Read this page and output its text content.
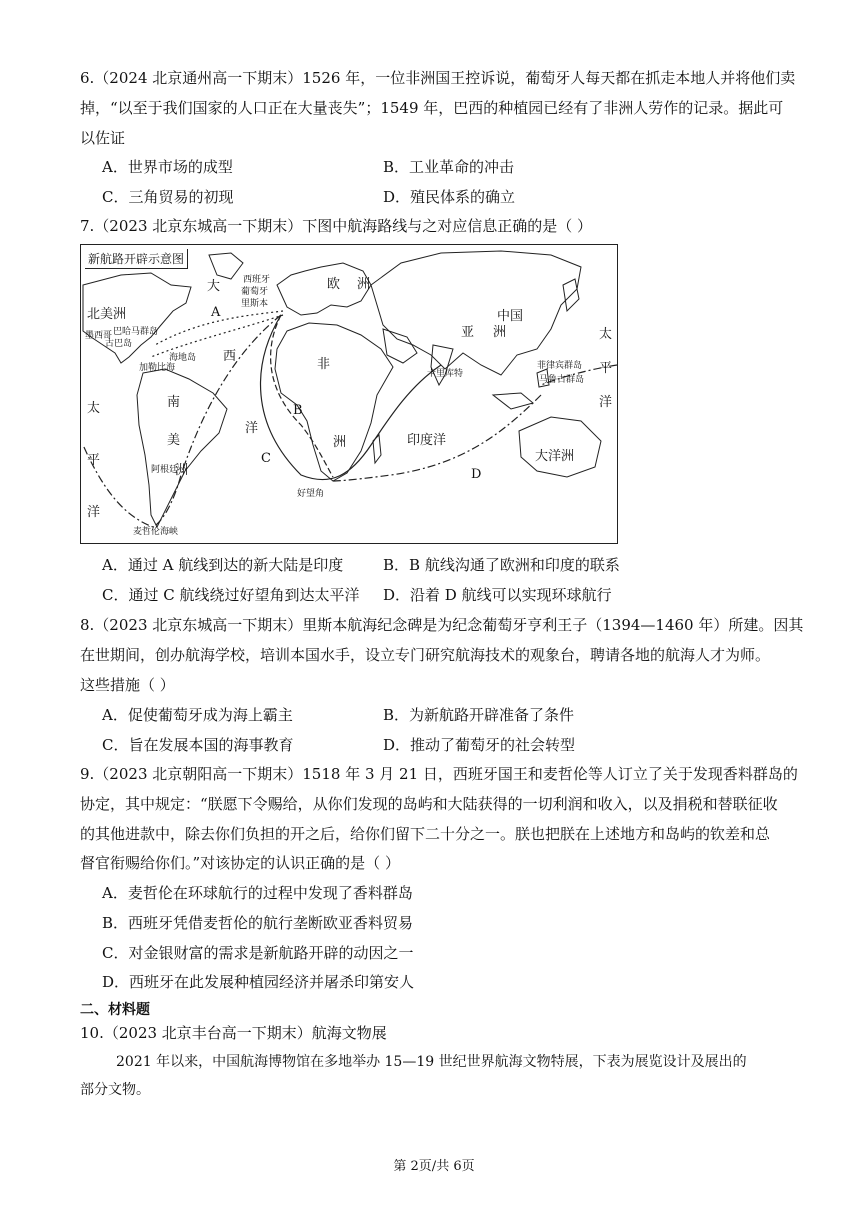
6.（2024 北京通州高一下期末）1526 年，一位非洲国王控诉说，葡萄牙人每天都在抓走本地人并将他们卖
掉，“以至于我们国家的人口正在大量丧失”；1549 年，巴西的种植园已经有了非洲人劳作的记录。据此可
以佐证
A．世界市场的成型	B．工业革命的冲击
C．三角贸易的初现	D．殖民体系的确立
7.（2023 北京东城高一下期末）下图中航海路线与之对应信息正确的是（ ）
新航路开辟示意图
欧 洲
大
西
洋
北美洲
亚 洲
中国
非
洲
南
美
洲
太
平
洋
太
平
洋
印度洋
大洋洲
A
B
C
D
西班牙
葡萄牙
里斯本
好望角
麦哲伦海峡
菲律宾群岛
马鲁古群岛
卡里库特
巴哈马群岛
古巴岛
海地岛
墨西哥
加勒比海
阿根廷
A．通过 A 航线到达的新大陆是印度	B．B 航线沟通了欧洲和印度的联系
C．通过 C 航线绕过好望角到达太平洋 D．沿着 D 航线可以实现环球航行
8.（2023 北京东城高一下期末）里斯本航海纪念碑是为纪念葡萄牙亨利王子（1394—1460 年）所建。因其
在世期间，创办航海学校，培训本国水手，设立专门研究航海技术的观象台，聘请各地的航海人才为师。
这些措施（ ）
A．促使葡萄牙成为海上霸主	B．为新航路开辟准备了条件
C．旨在发展本国的海事教育	D．推动了葡萄牙的社会转型
9.（2023 北京朝阳高一下期末）1518 年 3 月 21 日，西班牙国王和麦哲伦等人订立了关于发现香料群岛的
协定，其中规定：“朕愿下令赐给，从你们发现的岛屿和大陆获得的一切利润和收入，以及捐税和替联征收
的其他进款中，除去你们负担的开之后，给你们留下二十分之一。朕也把朕在上述地方和岛屿的钦差和总
督官衔赐给你们。”对该协定的认识正确的是（ ）
A．麦哲伦在环球航行的过程中发现了香料群岛
B．西班牙凭借麦哲伦的航行垄断欧亚香料贸易
C．对金银财富的需求是新航路开辟的动因之一
D．西班牙在此发展种植园经济并屠杀印第安人
二、材料题
10.（2023 北京丰台高一下期末）航海文物展
2021 年以来，中国航海博物馆在多地举办 15—19 世纪世界航海文物特展，下表为展览设计及展出的
部分文物。
第 2页/共 6页
